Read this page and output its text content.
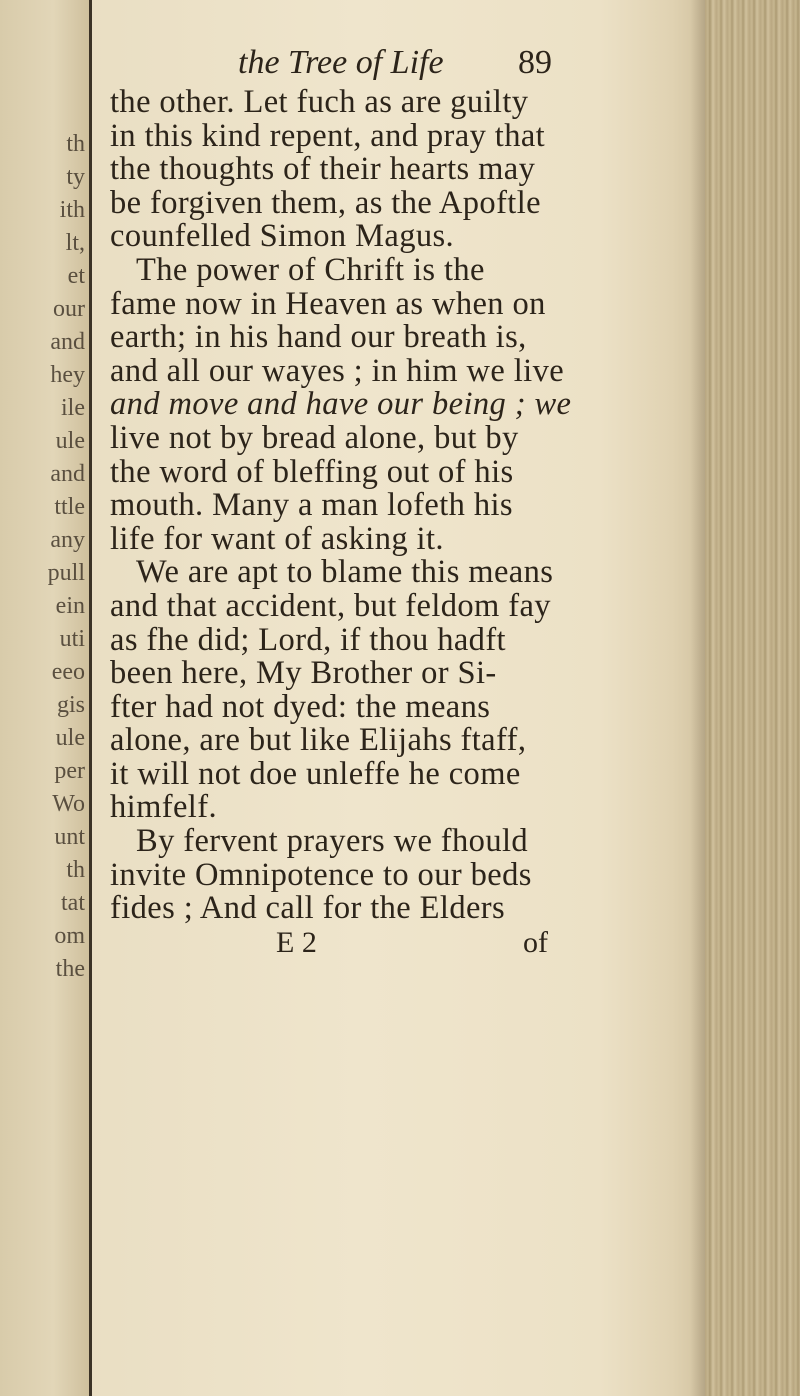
th
ty
ith
lt,
et
our
and
hey
ile
ule
and
ttle
any
pull
ein
uti
eeo
gis
ule
per
Wo
unt
th
tat
om
the
the Tree of Life 89
the other. Let fuch as are guilty
in this kind repent, and pray that
the thoughts of their hearts may
be forgiven them, as the Apoftle
counfelled Simon Magus.
The power of Chrift is the
fame now in Heaven as when on
earth; in his hand our breath is,
and all our wayes ; in him we live
and move and have our being ; we
live not by bread alone, but by
the word of bleffing out of his
mouth. Many a man lofeth his
life for want of asking it.
We are apt to blame this means
and that accident, but feldom fay
as fhe did; Lord, if thou hadft
been here, My Brother or Si-
fter had not dyed: the means
alone, are but like Elijahs ftaff,
it will not doe unleffe he come
himfelf.
By fervent prayers we fhould
invite Omnipotence to our beds
fides ; And call for the Elders
E 2	of
